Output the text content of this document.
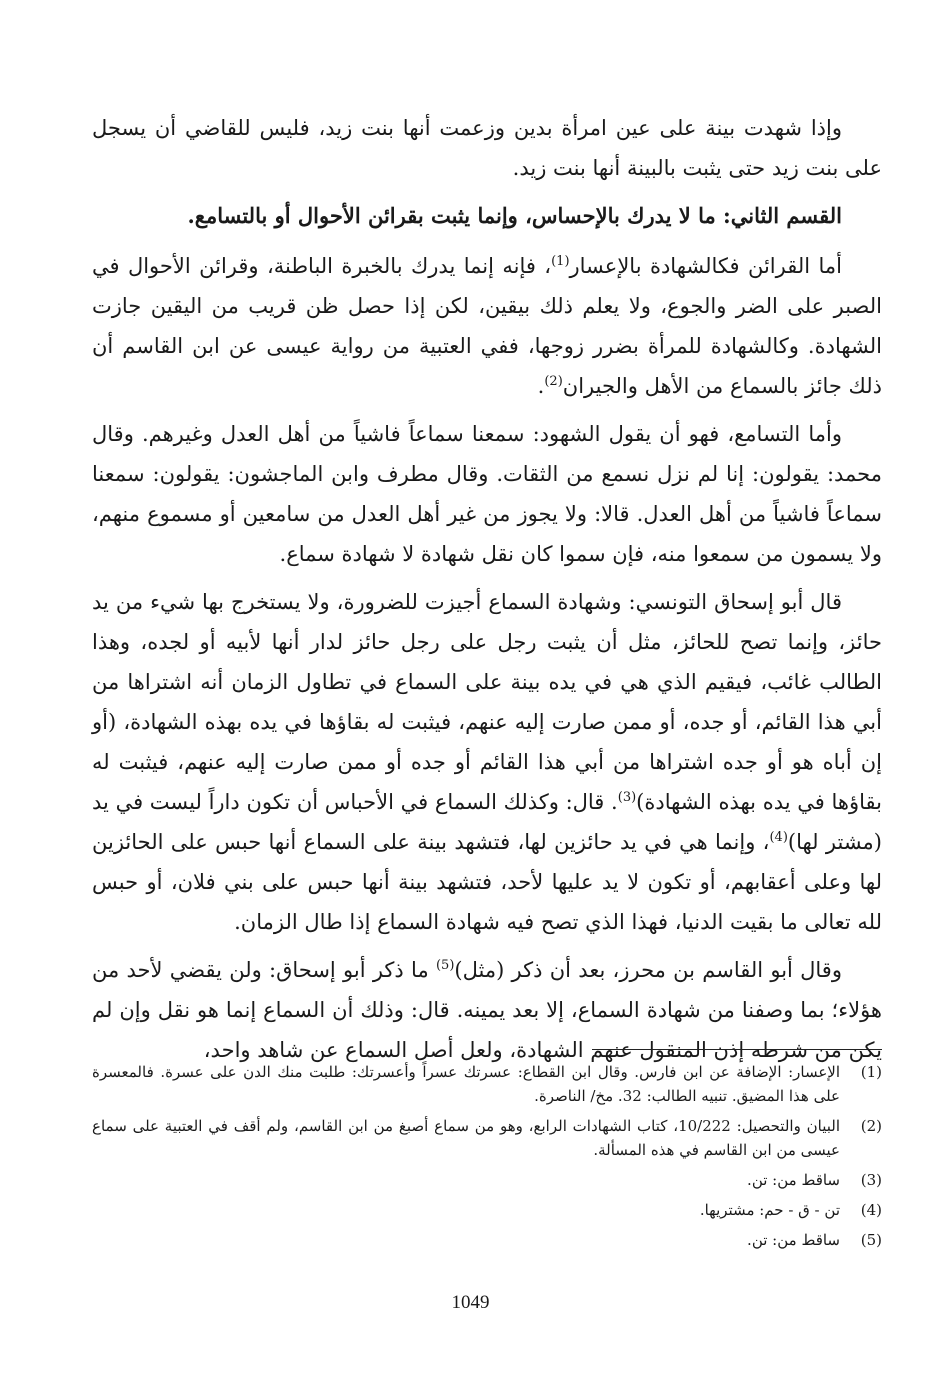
وإذا شهدت بينة على عين امرأة بدين وزعمت أنها بنت زيد، فليس للقاضي أن يسجل على بنت زيد حتى يثبت بالبينة أنها بنت زيد.

القسم الثاني: ما لا يدرك بالإحساس، وإنما يثبت بقرائن الأحوال أو بالتسامع.

أما القرائن فكالشهادة بالإعسار$^{(1)}$، فإنه إنما يدرك بالخبرة الباطنة، وقرائن الأحوال في الصبر على الضر والجوع، ولا يعلم ذلك بيقين، لكن إذا حصل ظن قريب من اليقين جازت الشهادة. وكالشهادة للمرأة بضرر زوجها، ففي العتبية من رواية عيسى عن ابن القاسم أن ذلك جائز بالسماع من الأهل والجيران$^{(2)}$.

وأما التسامع، فهو أن يقول الشهود: سمعنا سماعاً فاشياً من أهل العدل وغيرهم. وقال محمد: يقولون: إنا لم نزل نسمع من الثقات. وقال مطرف وابن الماجشون: يقولون: سمعنا سماعاً فاشياً من أهل العدل. قالا: ولا يجوز من غير أهل العدل من سامعين أو مسموع منهم، ولا يسمون من سمعوا منه، فإن سموا كان نقل شهادة لا شهادة سماع.

قال أبو إسحاق التونسي: وشهادة السماع أجيزت للضرورة، ولا يستخرج بها شيء من يد حائز، وإنما تصح للحائز، مثل أن يثبت رجل على رجل حائز لدار أنها لأبيه أو لجده، وهذا الطالب غائب، فيقيم الذي هي في يده بينة على السماع في تطاول الزمان أنه اشتراها من أبي هذا القائم، أو جده، أو ممن صارت إليه عنهم، فيثبت له بقاؤها في يده بهذه الشهادة، (أو إن أباه هو أو جده اشتراها من أبي هذا القائم أو جده أو ممن صارت إليه عنهم، فيثبت له بقاؤها في يده بهذه الشهادة)$^{(3)}$. قال: وكذلك السماع في الأحباس أن تكون داراً ليست في يد (مشتر لها)$^{(4)}$، وإنما هي في يد حائزين لها، فتشهد بينة على السماع أنها حبس على الحائزين لها وعلى أعقابهم، أو تكون لا يد عليها لأحد، فتشهد بينة أنها حبس على بني فلان، أو حبس لله تعالى ما بقيت الدنيا، فهذا الذي تصح فيه شهادة السماع إذا طال الزمان.

وقال أبو القاسم بن محرز، بعد أن ذكر (مثل)$^{(5)}$ ما ذكر أبو إسحاق: ولن يقضي لأحد من هؤلاء؛ بما وصفنا من شهادة السماع، إلا بعد يمينه. قال: وذلك أن السماع إنما هو نقل وإن لم يكن من شرطه إذن المنقول عنهم الشهادة، ولعل أصل السماع عن شاهد واحد،

(1)
الإعسار: الإضافة عن ابن فارس. وقال ابن القطاع: عسرتك عسراً وأعسرتك: طلبت منك الدن على عسرة. فالمعسرة على هذا المضيق. تنبيه الطالب: 32. مخ/ الناصرة.
(2)
البيان والتحصيل: 10/222، كتاب الشهادات الرابع، وهو من سماع أصبغ من ابن القاسم، ولم أقف في العتبية على سماع عيسى من ابن القاسم في هذه المسألة.
(3)
ساقط من: تن.
(4)
تن - ق - حم: مشتريها.
(5)
ساقط من: تن.
1049
